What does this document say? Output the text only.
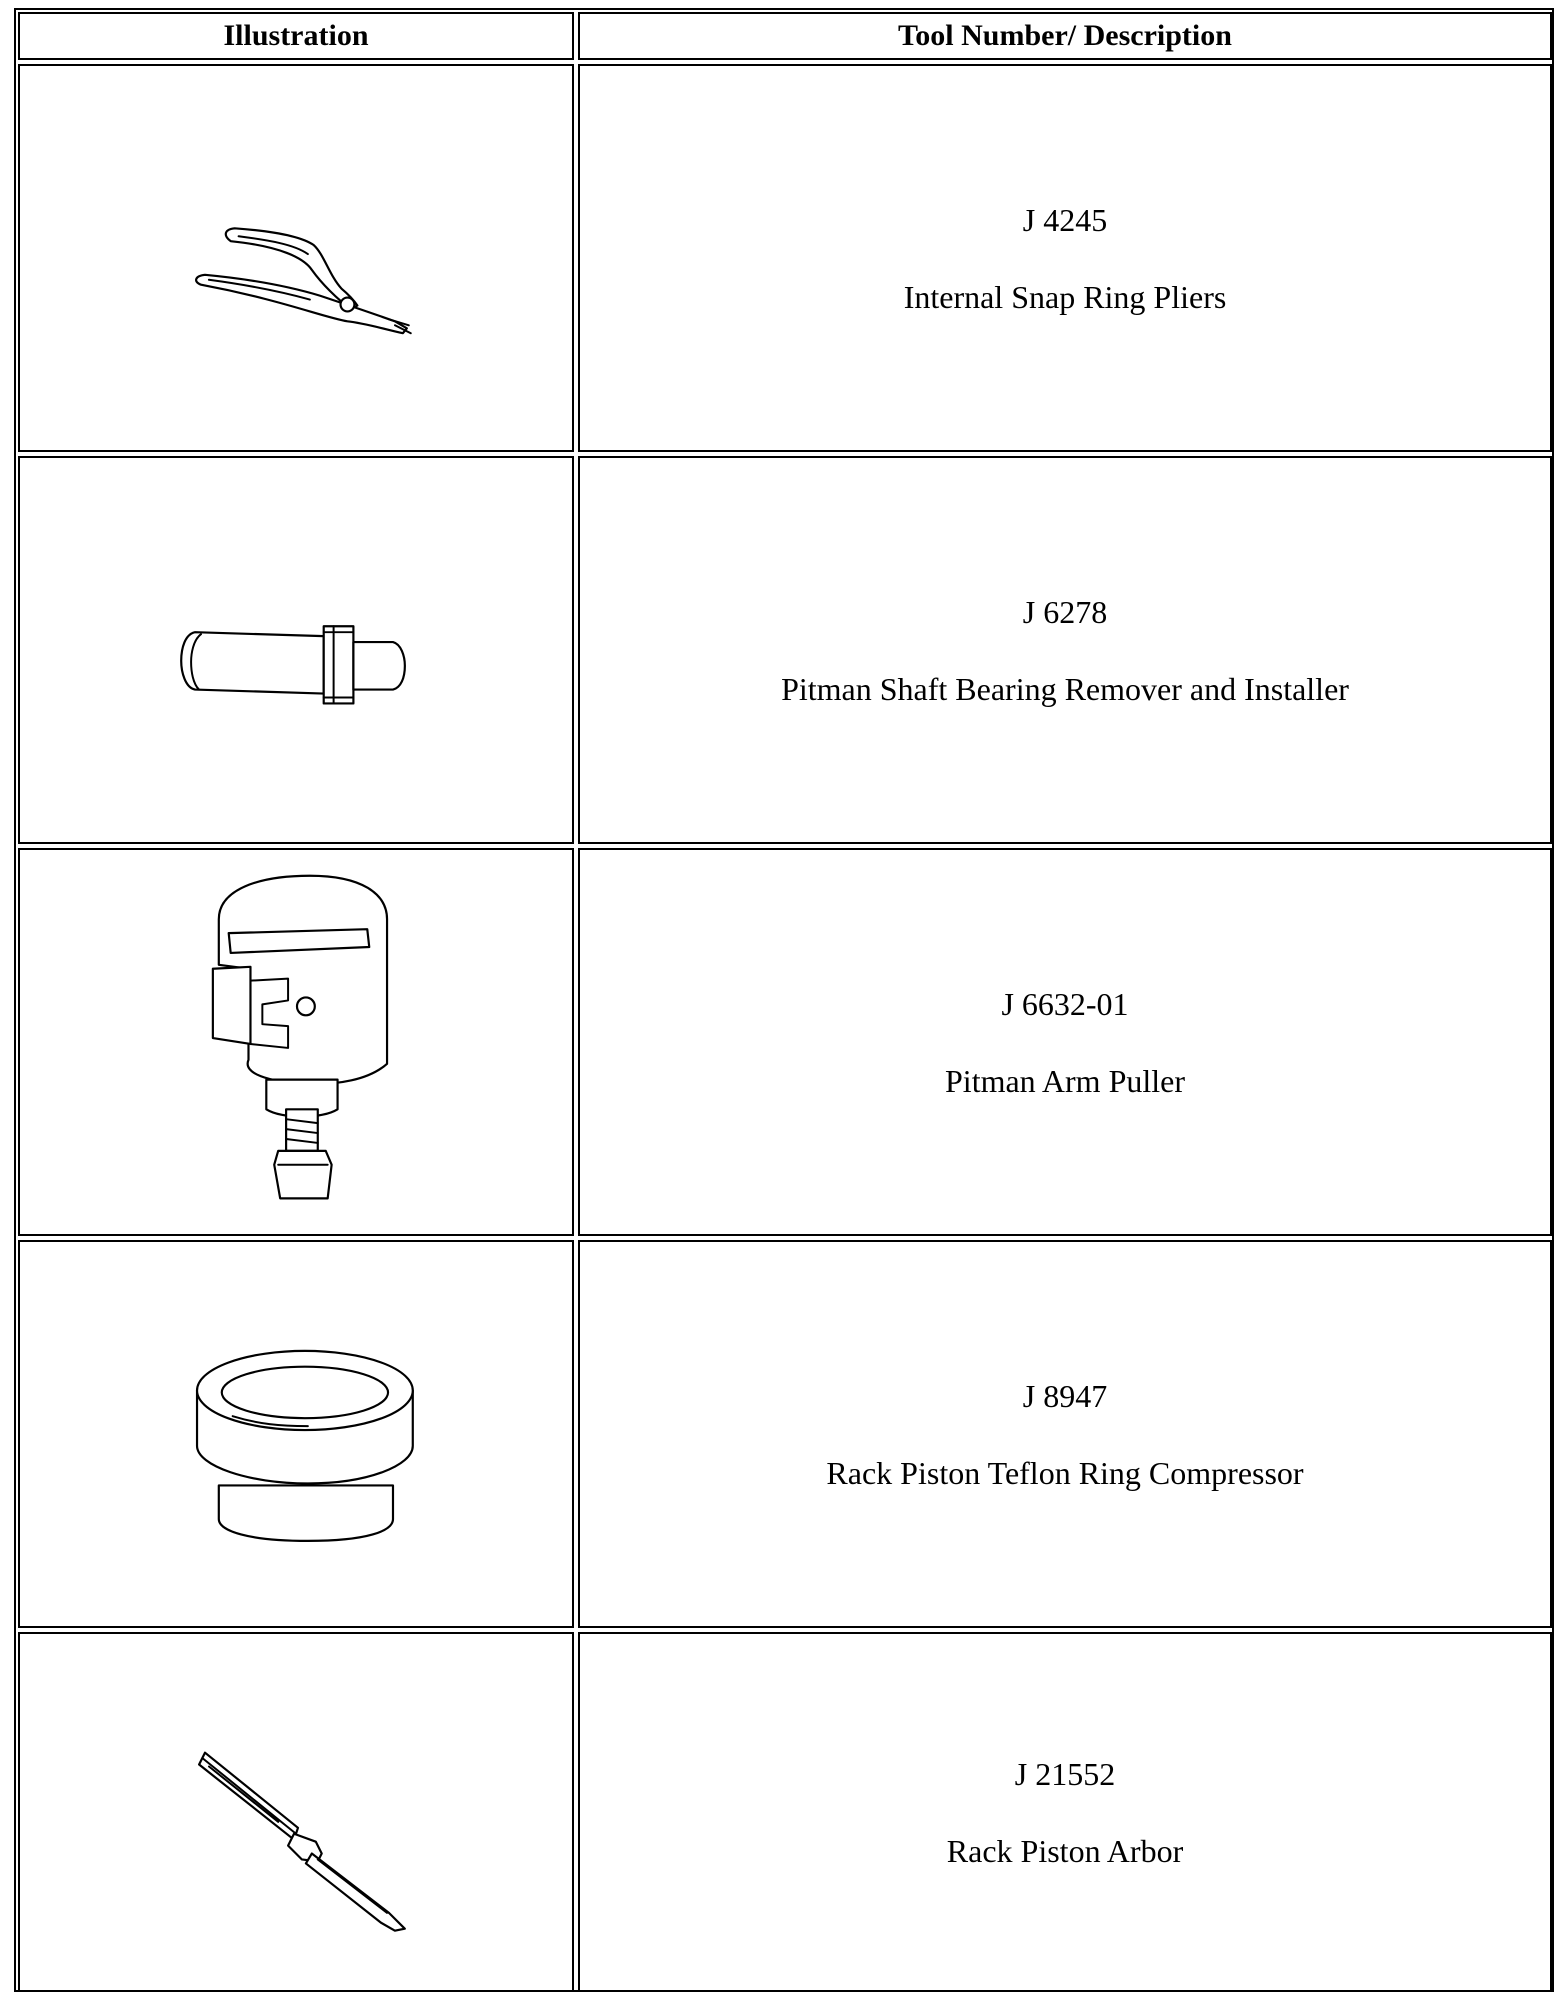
Illustration	Tool Number/ Description
J 4245
Internal Snap Ring Pliers
J 6278
Pitman Shaft Bearing Remover and Installer
J 6632-01
Pitman Arm Puller
J 8947
Rack Piston Teflon Ring Compressor
J 21552
Rack Piston Arbor
